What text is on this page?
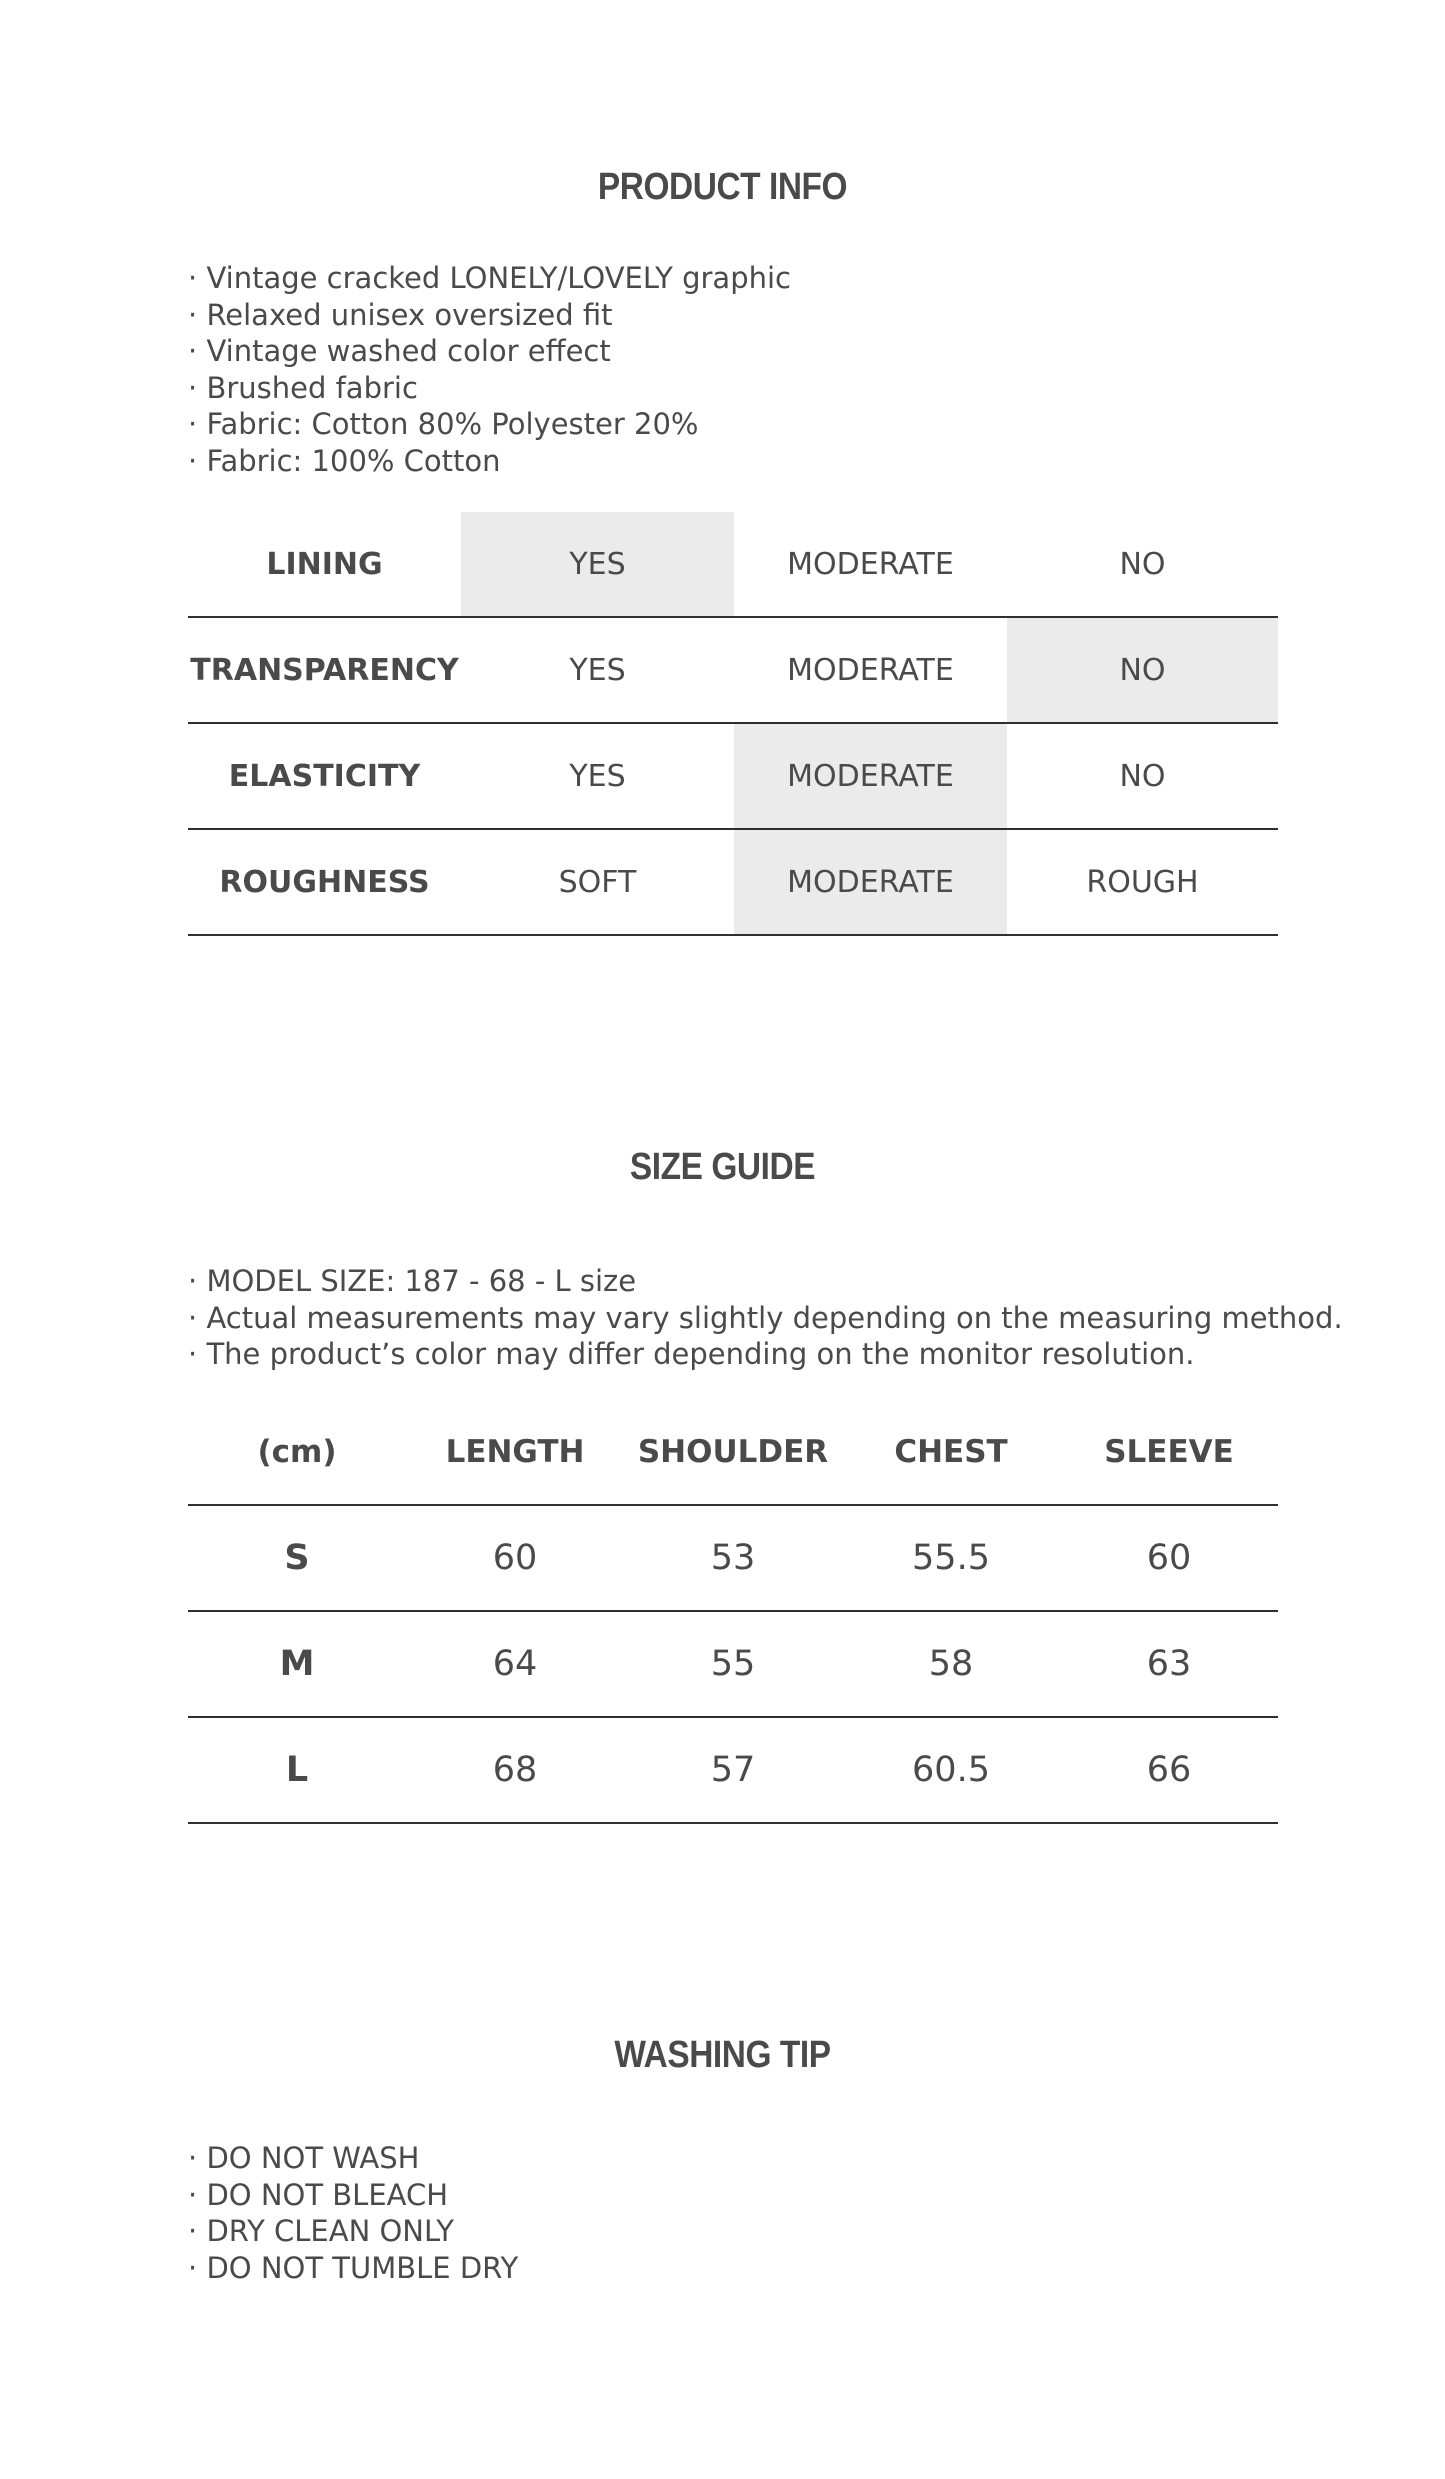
PRODUCT INFO
· Vintage cracked LONELY/LOVELY graphic
· Relaxed unisex oversized fit
· Vintage washed color effect
· Brushed fabric
· Fabric: Cotton 80% Polyester 20%
· Fabric: 100% Cotton
LINING	YES	MODERATE	NO
TRANSPARENCY	YES	MODERATE	NO
ELASTICITY	YES	MODERATE	NO
ROUGHNESS	SOFT	MODERATE	ROUGH
SIZE GUIDE
· MODEL SIZE: 187 - 68 - L size
· Actual measurements may vary slightly depending on the measuring method.
· The product’s color may differ depending on the monitor resolution.
(cm)	LENGTH	SHOULDER	CHEST	SLEEVE
S	60	53	55.5	60
M	64	55	58	63
L	68	57	60.5	66
WASHING TIP
· DO NOT WASH
· DO NOT BLEACH
· DRY CLEAN ONLY
· DO NOT TUMBLE DRY
